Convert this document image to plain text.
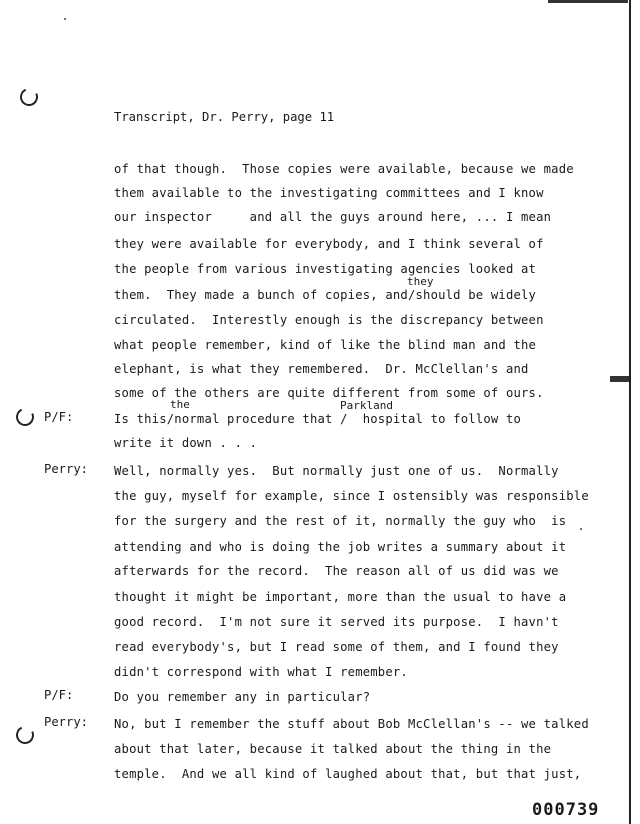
Transcript, Dr. Perry, page 11
of that though.  Those copies were available, because we made
them available to the investigating committees and I know
our inspector     and all the guys around here, ... I mean
they were available for everybody, and I think several of
the people from various investigating agencies looked at
they
them.  They made a bunch of copies, and/should be widely
circulated.  Interestly enough is the discrepancy between
what people remember, kind of like the blind man and the
elephant, is what they remembered.  Dr. McClellan's and
some of the others are quite different from some of ours.
the	Parkland
P/F:	Is this/normal procedure that /  hospital to follow to
write it down . . .
Perry: Well, normally yes.  But normally just one of us.  Normally
the guy, myself for example, since I ostensibly was responsible
for the surgery and the rest of it, normally the guy who  is
attending and who is doing the job writes a summary about it
afterwards for the record.  The reason all of us did was we
thought it might be important, more than the usual to have a
good record.  I'm not sure it served its purpose.  I havn't
read everybody's, but I read some of them, and I found they
didn't correspond with what I remember.
P/F:	Do you remember any in particular?
Perry: No, but I remember the stuff about Bob McClellan's -- we talked
about that later, because it talked about the thing in the
temple.  And we all kind of laughed about that, but that just,
000739
